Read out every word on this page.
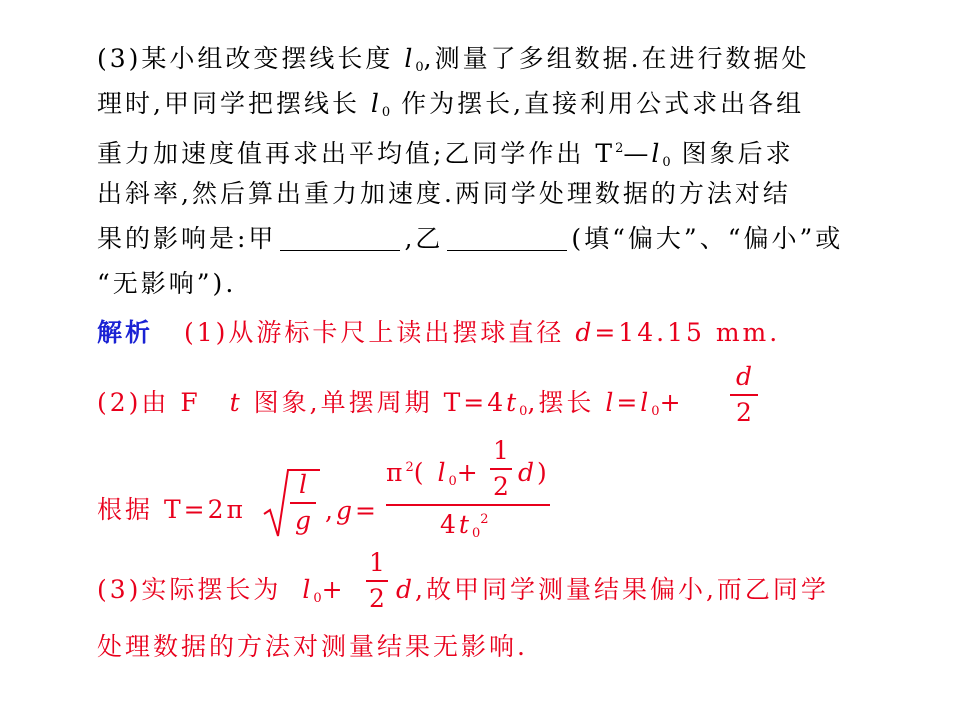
(3)某小组改变摆线长度 $l_0$,测量了多组数据.在进行数据处
理时,甲同学把摆线长 $l_0$ 作为摆长,直接利用公式求出各组
重力加速度值再求出平均值;乙同学作出 $T^2—l_0$ 图象后求
出斜率,然后算出重力加速度.两同学处理数据的方法对结
果的影响是:甲	,乙	(填“偏大”、“偏小”或
“无影响”).
解析 (1)从游标卡尺上读出摆球直径 d=14.15 mm.
(2)由 F t 图象,单摆周期 $T=4t_0$,摆长 $l=l_0+$
d
2
根据 T=2π
l
g ,g=
$\pi^2$( $l_0+$
1
2 d)
$4t_0^2$
(3)实际摆长为 $l_0+$
1
2 d,故甲同学测量结果偏小,而乙同学
处理数据的方法对测量结果无影响.
